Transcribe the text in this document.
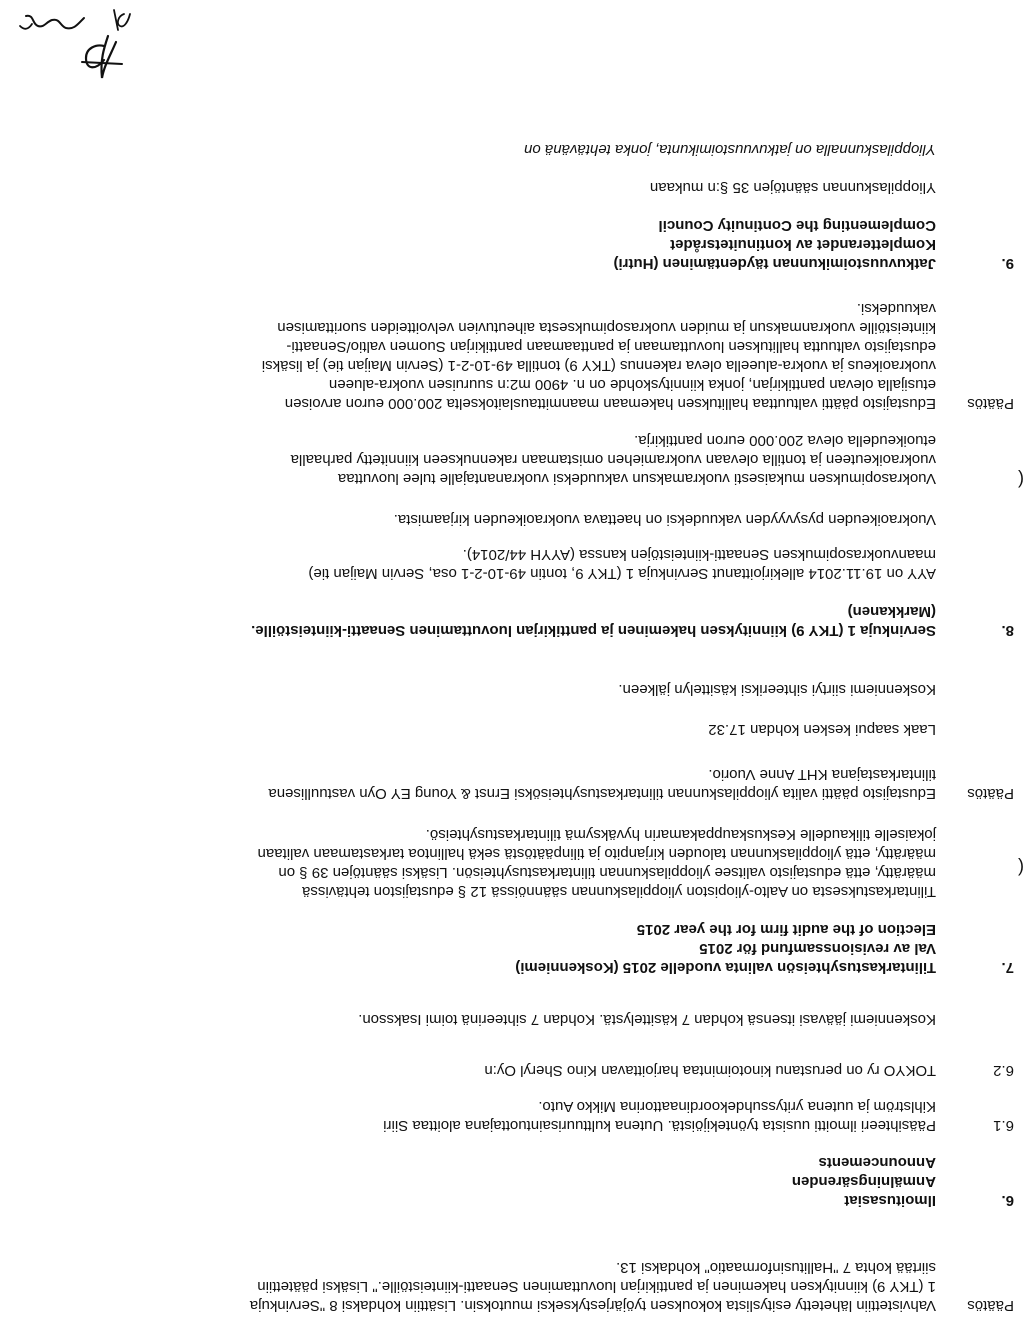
Päätös

Vahvistettiin lähetetty esityslista kokouksen työjärjestykseksi muutoksin. Lisättiin kohdaksi 8 "Servinkuja

1 (TKY 9) kiinnityksen hakeminen ja panttikirjan luovuttaminen Senaatti-kiinteistöille." Lisäksi päätettiin

siirtää kohta 7 "Hallitusinformaatio" kohdaksi 13.

6.
Ilmoitusasiat
Anmälningsärenden
Announcements
6.1

Pääsihteeri ilmoitti uusista työntekijöistä. Uutena kulttuurisaintuottajana aloittaa Siiri

Kihlström ja uutena yrityssuhdekoordinaattorina Mikko Auto.

6.2
TOKYO ry on perustanu kinotoimintaa harjoittavan Kino Sheryl Oy:n
Koskenniemi jäävasi itsensä kohdan 7 käsittelystä. Kohdan 7 sihteerinä toimi Isaksson.
7.
Tilintarkastusyhteisön valinta vuodelle 2015 (Koskenniemi)
Val av revisionssamfund för 2015
Election of the audit firm for the year 2015
(

Tilintarkastuksesta on Aalto-yliopiston ylioppilaskunnan säännöissä 12 § edustajiston tehtävissä

määrätty, että edustajisto valitsee ylioppilaskunnan tilintarkastusyhteisön. Lisäksi sääntöjen 39 § on

määrätty, että ylioppilaskunnan talouden kirjanpito ja tilinpäätöstä sekä hallintoa tarkastamaan valitaan

jokaiselle tilikaudelle Keskuskauppakamarin hyväksymä tilintarkastusyhteisö.

Päätös

Edustajisto päätti valita ylioppilaskunnan tilintarkastusyhteisöksi Ernst & Young EY Oyn vastuullisena

tilintarkastajana KHT Anne Vuorio.

Laak saapui kesken kohdan 17.32
Koskenniemi siirtyi sihteeriksi käsittelyn jälkeen.
8.
Servinkuja 1 (TKY 9) kiinnityksen hakeminen ja panttikirjan luovuttaminen Senaatti-kiinteistöille.
(Markkanen)

AYY on 19.11.2014 allekirjoittanut Servinkuja 1 (TKY 9, tontin 49-10-2-1 osa, Servin Maijan tie)

maanvuokrasopimuksen Senaatti-kiinteistöjen kanssa (AYYH 44/2014).

Vuokraoikeuden pysyvyyden vakuudeksi on haettava vuokraoikeuden kirjaamista.
(

Vuokrasopimuksen mukaisesti vuokramaksun vakuudeksi vuokranantajalle tulee luovuttaa

vuokraoikeuteen ja tontilla olevaan vuokramiehen omistamaan rakennukseen kiinnitetty parhaalla

etuoikeudella oleva 200.000 euron panttikirja.

Päätös

Edustajisto päätti valtuuttaa hallituksen hakemaan maanmittauslaitokselta 200.000 euron arvoisen

etusijalla olevan panttikirjan, jonka kiinnityskohde on n. 4900 m2:n suuruisen vuokra-alueen

vuokraoikeus ja vuokra-alueella oleva rakennus (TKY 9) tontilla 49-10-2-1 (Servin Maijan tie) ja lisäksi

edustajisto valtuutta hallituksen luovuttamaan ja panttaamaan panttikirjan Suomen valtio/Senaatti-

kiinteistöille vuokranmaksun ja muiden vuokrasopimuksesta aiheutuvien velvoitteiden suorittamisen

vakuudeksi.

9.
Jatkuvuustoimikunnan täydentäminen (Hutri)
Kompletterandet av kontinuitetsrådet
Complementing the Continuity Council
Ylioppilaskunnan sääntöjen 35 §:n mukaan
Ylioppilaskunnalla on jatkuvuustoimikunta, jonka tehtävänä on
